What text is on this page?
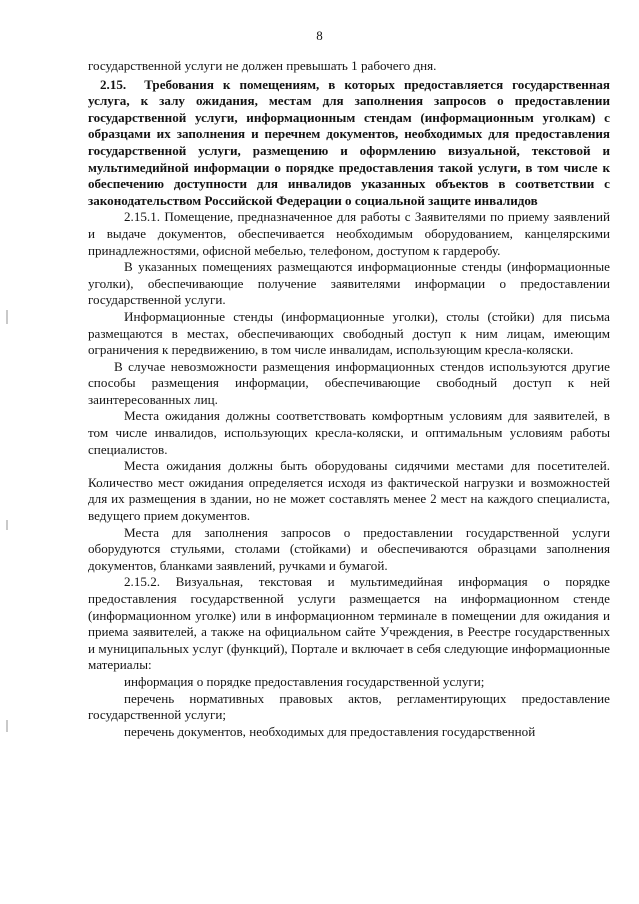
8

государственной услуги не должен превышать 1 рабочего дня.

2.15. Требования к помещениям, в которых предоставляется государственная услуга, к залу ожидания, местам для заполнения запросов о предоставлении государственной услуги, информационным стендам (информационным уголкам) с образцами их заполнения и перечнем документов, необходимых для предоставления государственной услуги, размещению и оформлению визуальной, текстовой и мультимедийной информации о порядке предоставления такой услуги, в том числе к обеспечению доступности для инвалидов указанных объектов в соответствии с законодательством Российской Федерации о социальной защите инвалидов

2.15.1. Помещение, предназначенное для работы с Заявителями по приему заявлений и выдаче документов, обеспечивается необходимым оборудованием, канцелярскими принадлежностями, офисной мебелью, телефоном, доступом к гардеробу.

В указанных помещениях размещаются информационные стенды (информационные уголки), обеспечивающие получение заявителями информации о предоставлении государственной услуги.

Информационные стенды (информационные уголки), столы (стойки) для письма размещаются в местах, обеспечивающих свободный доступ к ним лицам, имеющим ограничения к передвижению, в том числе инвалидам, использующим кресла-коляски.

В случае невозможности размещения информационных стендов используются другие способы размещения информации, обеспечивающие свободный доступ к ней заинтересованных лиц.

Места ожидания должны соответствовать комфортным условиям для заявителей, в том числе инвалидов, использующих кресла-коляски, и оптимальным условиям работы специалистов.

Места ожидания должны быть оборудованы сидячими местами для посетителей. Количество мест ожидания определяется исходя из фактической нагрузки и возможностей для их размещения в здании, но не может составлять менее 2 мест на каждого специалиста, ведущего прием документов.

Места для заполнения запросов о предоставлении государственной услуги оборудуются стульями, столами (стойками) и обеспечиваются образцами заполнения документов, бланками заявлений, ручками и бумагой.

2.15.2. Визуальная, текстовая и мультимедийная информация о порядке предоставления государственной услуги размещается на информационном стенде (информационном уголке) или в информационном терминале в помещении для ожидания и приема заявителей, а также на официальном сайте Учреждения, в Реестре государственных и муниципальных услуг (функций), Портале и включает в себя следующие информационные материалы:

информация о порядке предоставления государственной услуги;

перечень нормативных правовых актов, регламентирующих предоставление государственной услуги;

перечень документов, необходимых для предоставления государственной
